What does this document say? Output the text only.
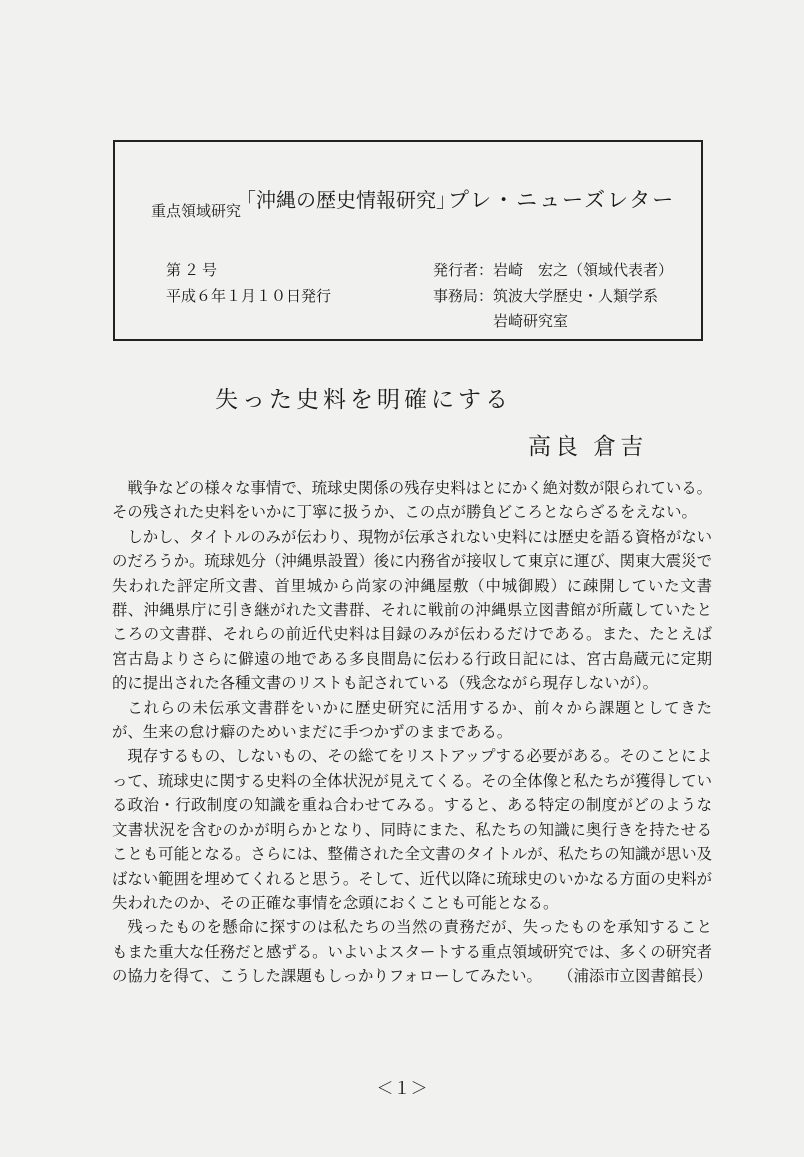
重点領域研究
「沖縄の歴史情報研究」
プレ・ニューズレター
第２号
平成６年１月１０日発行
発行者：岩崎　宏之（領域代表者）
事務局：筑波大学歴史・人類学系
岩崎研究室
失った史料を明確にする
高良 倉吉

戦争などの様々な事情で、琉球史関係の残存史料はとにかく絶対数が限られている。その残された史料をいかに丁寧に扱うか、この点が勝負どころとならざるをえない。

しかし、タイトルのみが伝わり、現物が伝承されない史料には歴史を語る資格がないのだろうか。琉球処分（沖縄県設置）後に内務省が接収して東京に運び、関東大震災で失われた評定所文書、首里城から尚家の沖縄屋敷（中城御殿）に疎開していた文書群、沖縄県庁に引き継がれた文書群、それに戦前の沖縄県立図書館が所蔵していたところの文書群、それらの前近代史料は目録のみが伝わるだけである。また、たとえば宮古島よりさらに僻遠の地である多良間島に伝わる行政日記には、宮古島蔵元に定期的に提出された各種文書のリストも記されている（残念ながら現存しないが）。

これらの未伝承文書群をいかに歴史研究に活用するか、前々から課題としてきたが、生来の怠け癖のためいまだに手つかずのままである。

現存するもの、しないもの、その総てをリストアップする必要がある。そのことによって、琉球史に関する史料の全体状況が見えてくる。その全体像と私たちが獲得している政治・行政制度の知識を重ね合わせてみる。すると、ある特定の制度がどのような文書状況を含むのかが明らかとなり、同時にまた、私たちの知識に奥行きを持たせることも可能となる。さらには、整備された全文書のタイトルが、私たちの知識が思い及ばない範囲を埋めてくれると思う。そして、近代以降に琉球史のいかなる方面の史料が失われたのか、その正確な事情を念頭におくことも可能となる。

残ったものを懸命に探すのは私たちの当然の責務だが、失ったものを承知することもまた重大な任務だと感ずる。いよいよスタートする重点領域研究では、多くの研究者の協力を得て、こうした課題もしっかりフォローしてみたい。	（浦添市立図書館長）

＜１＞
